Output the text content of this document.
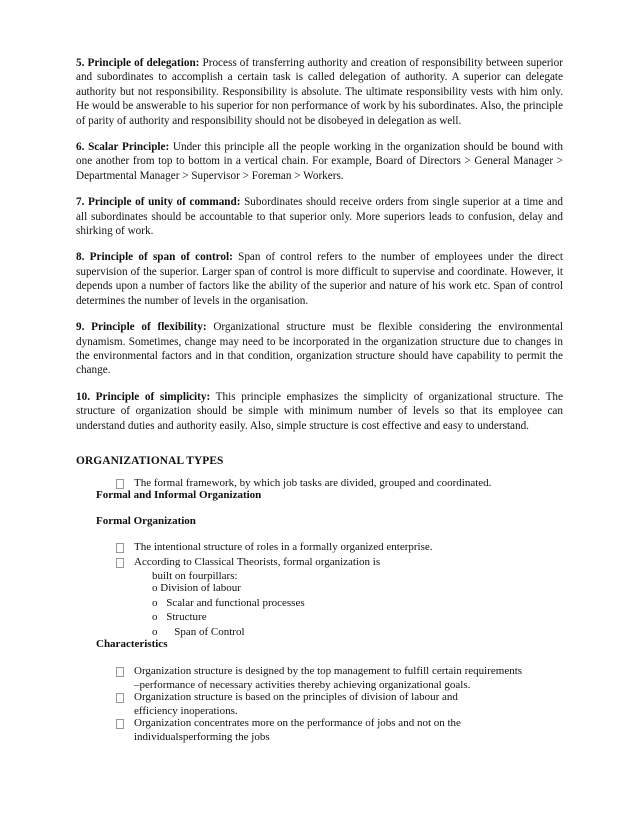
5. Principle of delegation: Process of transferring authority and creation of responsibility between superior and subordinates to accomplish a certain task is called delegation of authority. A superior can delegate authority but not responsibility. Responsibility is absolute. The ultimate responsibility vests with him only. He would be answerable to his superior for non performance of work by his subordinates. Also, the principle of parity of authority and responsibility should not be disobeyed in delegation as well.

6. Scalar Principle: Under this principle all the people working in the organization should be bound with one another from top to bottom in a vertical chain. For example, Board of Directors > General Manager > Departmental Manager > Supervisor > Foreman > Workers.

7. Principle of unity of command: Subordinates should receive orders from single superior at a time and all subordinates should be accountable to that superior only. More superiors leads to confusion, delay and shirking of work.

8. Principle of span of control: Span of control refers to the number of employees under the direct supervision of the superior. Larger span of control is more difficult to supervise and coordinate. However, it depends upon a number of factors like the ability of the superior and nature of his work etc. Span of control determines the number of levels in the organisation.

9. Principle of flexibility: Organizational structure must be flexible considering the environmental dynamism. Sometimes, change may need to be incorporated in the organization structure due to changes in the environmental factors and in that condition, organization structure should have capability to permit the change.

10. Principle of simplicity: This principle emphasizes the simplicity of organizational structure. The structure of organization should be simple with minimum number of levels so that its employee can understand duties and authority easily. Also, simple structure is cost effective and easy to understand.

ORGANIZATIONAL TYPES
The formal framework, by which job tasks are divided, grouped and coordinated.
Formal and Informal Organization
Formal Organization
The intentional structure of roles in a formally organized enterprise.
According to Classical Theorists, formal organization is
built on fourpillars:
o Division of labour
o Scalar and functional processes
o Structure
o Span of Control
Characteristics
Organization structure is designed by the top management to fulfill certain requirements
–performance of necessary activities thereby achieving organizational goals.
Organization structure is based on the principles of division of labour and
efficiency inoperations.
Organization concentrates more on the performance of jobs and not on the
individualsperforming the jobs
